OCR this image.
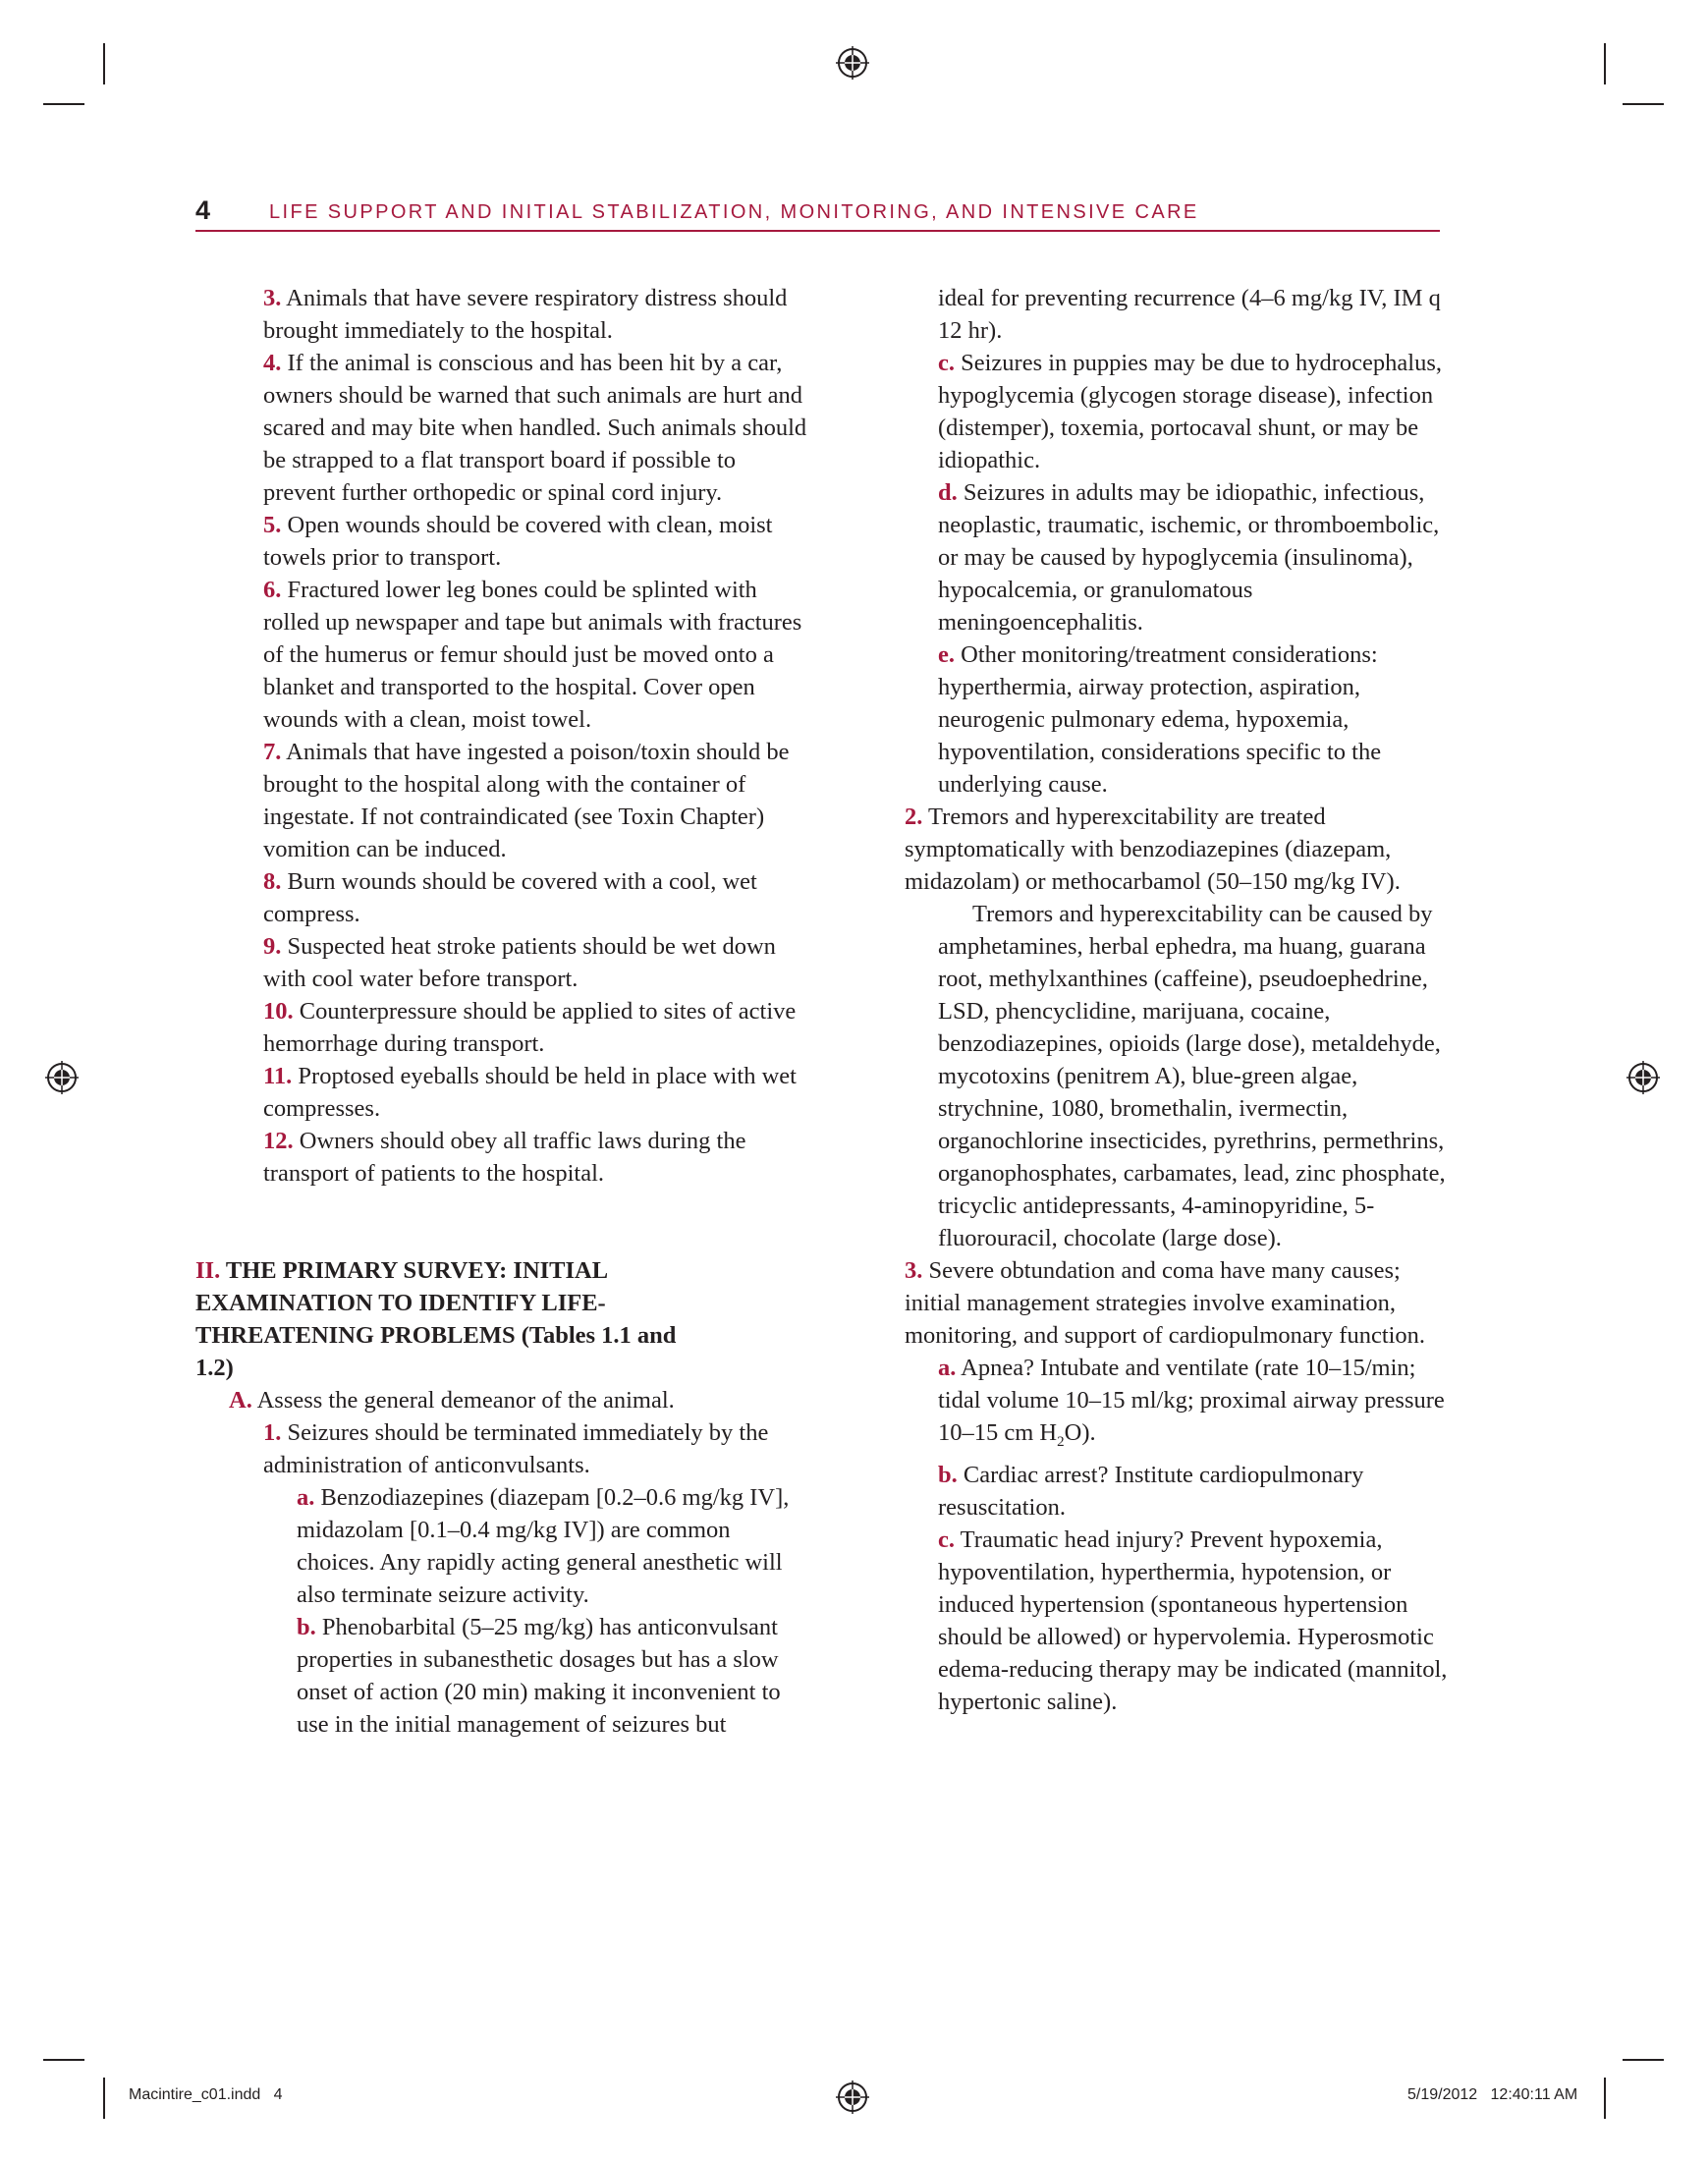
4	LIFE SUPPORT AND INITIAL STABILIZATION, MONITORING, AND INTENSIVE CARE

3. Animals that have severe respiratory distress should brought immediately to the hospital.

4. If the animal is conscious and has been hit by a car, owners should be warned that such animals are hurt and scared and may bite when handled. Such animals should be strapped to a flat transport board if possible to prevent further orthopedic or spinal cord injury.

5. Open wounds should be covered with clean, moist towels prior to transport.

6. Fractured lower leg bones could be splinted with rolled up newspaper and tape but animals with fractures of the humerus or femur should just be moved onto a blanket and transported to the hospital. Cover open wounds with a clean, moist towel.

7. Animals that have ingested a poison/toxin should be brought to the hospital along with the container of ingestate. If not contraindicated (see Toxin Chapter) vomition can be induced.

8. Burn wounds should be covered with a cool, wet compress.

9. Suspected heat stroke patients should be wet down with cool water before transport.

10. Counterpressure should be applied to sites of active hemorrhage during transport.

11. Proptosed eyeballs should be held in place with wet compresses.

12. Owners should obey all traffic laws during the transport of patients to the hospital.

II. THE PRIMARY SURVEY: INITIAL EXAMINATION TO IDENTIFY LIFE-THREATENING PROBLEMS (Tables 1.1 and 1.2)

A. Assess the general demeanor of the animal.

1. Seizures should be terminated immediately by the administration of anticonvulsants.

a. Benzodiazepines (diazepam [0.2–0.6 mg/kg IV], midazolam [0.1–0.4 mg/kg IV]) are common choices. Any rapidly acting general anesthetic will also terminate seizure activity.

b. Phenobarbital (5–25 mg/kg) has anticonvulsant properties in subanesthetic dosages but has a slow onset of action (20 min) making it inconvenient to use in the initial management of seizures but

ideal for preventing recurrence (4–6 mg/kg IV, IM q 12 hr).

c. Seizures in puppies may be due to hydrocephalus, hypoglycemia (glycogen storage disease), infection (distemper), toxemia, portocaval shunt, or may be idiopathic.

d. Seizures in adults may be idiopathic, infectious, neoplastic, traumatic, ischemic, or thromboembolic, or may be caused by hypoglycemia (insulinoma), hypocalcemia, or granulomatous meningoencephalitis.

e. Other monitoring/treatment considerations: hyperthermia, airway protection, aspiration, neurogenic pulmonary edema, hypoxemia, hypoventilation, considerations specific to the underlying cause.

2. Tremors and hyperexcitability are treated symptomatically with benzodiazepines (diazepam, midazolam) or methocarbamol (50–150 mg/kg IV).

Tremors and hyperexcitability can be caused by amphetamines, herbal ephedra, ma huang, guarana root, methylxanthines (caffeine), pseudoephedrine, LSD, phencyclidine, marijuana, cocaine, benzodiazepines, opioids (large dose), metaldehyde, mycotoxins (penitrem A), blue-green algae, strychnine, 1080, bromethalin, ivermectin, organochlorine insecticides, pyrethrins, permethrins, organophosphates, carbamates, lead, zinc phosphate, tricyclic antidepressants, 4-aminopyridine, 5-fluorouracil, chocolate (large dose).

3. Severe obtundation and coma have many causes; initial management strategies involve examination, monitoring, and support of cardiopulmonary function.

a. Apnea? Intubate and ventilate (rate 10–15/min; tidal volume 10–15 ml/kg; proximal airway pressure 10–15 cm $H_2O$).

b. Cardiac arrest? Institute cardiopulmonary resuscitation.

c. Traumatic head injury? Prevent hypoxemia, hypoventilation, hyperthermia, hypotension, or induced hypertension (spontaneous hypertension should be allowed) or hypervolemia. Hyperosmotic edema-reducing therapy may be indicated (mannitol, hypertonic saline).

Macintire_c01.indd   4	5/19/2012   12:40:11 AM
